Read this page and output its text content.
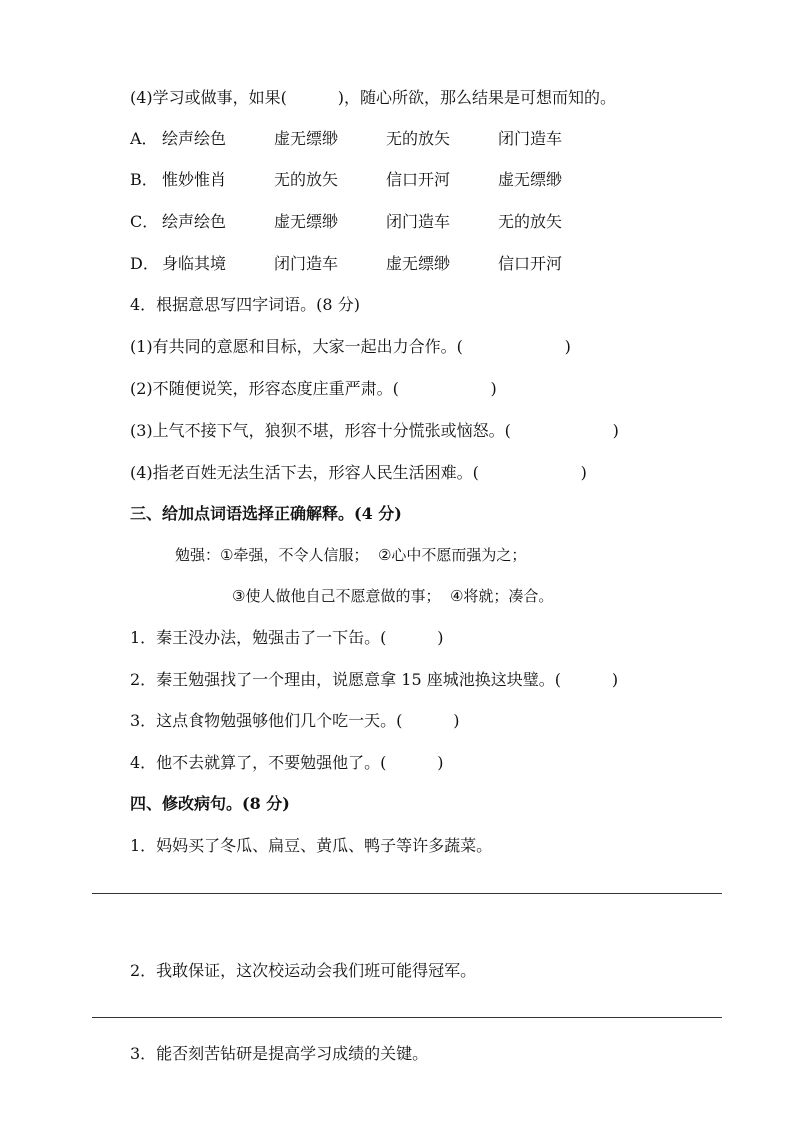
(4)学习或做事，如果(          )，随心所欲，那么结果是可想而知的。
A． 绘声绘色	虚无缥缈	无的放矢	闭门造车
B． 惟妙惟肖	无的放矢	信口开河	虚无缥缈
C． 绘声绘色	虚无缥缈	闭门造车	无的放矢
D． 身临其境	闭门造车	虚无缥缈	信口开河
4．根据意思写四字词语。(8 分)
(1)有共同的意愿和目标，大家一起出力合作。(                    )
(2)不随便说笑，形容态度庄重严肃。(                  )
(3)上气不接下气，狼狈不堪，形容十分慌张或恼怒。(                    )
(4)指老百姓无法生活下去，形容人民生活困难。(                    )
三、给加点词语选择正确解释。(4 分)
勉强：①牵强，不令人信服；  ②心中不愿而强为之；
③使人做他自己不愿意做的事；  ④将就；凑合。
1．秦王没办法，勉强击了一下缶。(          )
2．秦王勉强找了一个理由，说愿意拿 15 座城池换这块璧。(          )
3．这点食物勉强够他们几个吃一天。(          )
4．他不去就算了，不要勉强他了。(          )
四、修改病句。(8 分)
1．妈妈买了冬瓜、扁豆、黄瓜、鸭子等许多蔬菜。
2．我敢保证，这次校运动会我们班可能得冠军。
3．能否刻苦钻研是提高学习成绩的关键。
